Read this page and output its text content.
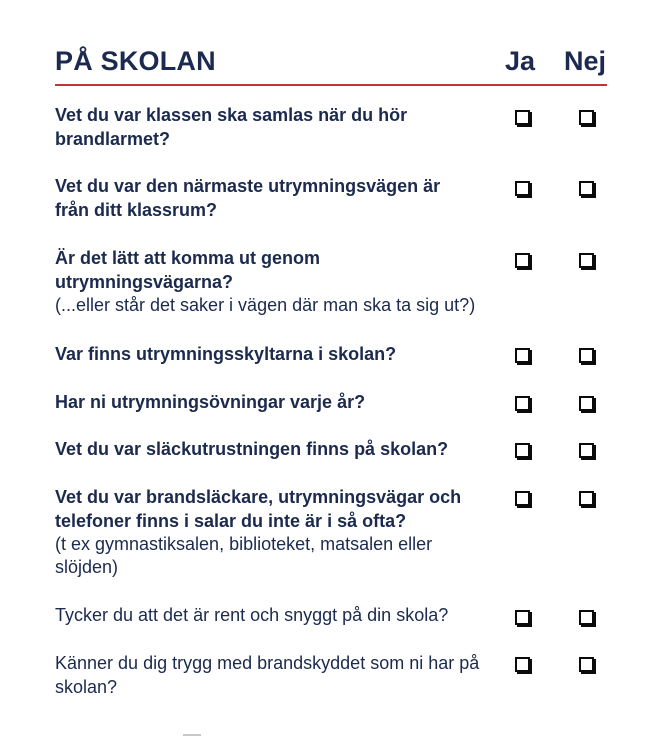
PÅ SKOLAN	Ja Nej
Vet du var klassen ska samlas när du hör brandlarmet?
Vet du var den närmaste utrymningsvägen är från ditt klassrum?
Är det lätt att komma ut genom utrymningsvägarna?
(...eller står det saker i vägen där man ska ta sig ut?)
Var finns utrymningsskyltarna i skolan?
Har ni utrymningsövningar varje år?
Vet du var släckutrustningen finns på skolan?
Vet du var brandsläckare, utrymningsvägar och telefoner finns i salar du inte är i så ofta?
(t ex gymnastiksalen, biblioteket, matsalen eller slöjden)
Tycker du att det är rent och snyggt på din skola?
Känner du dig trygg med brandskyddet som ni har på skolan?
